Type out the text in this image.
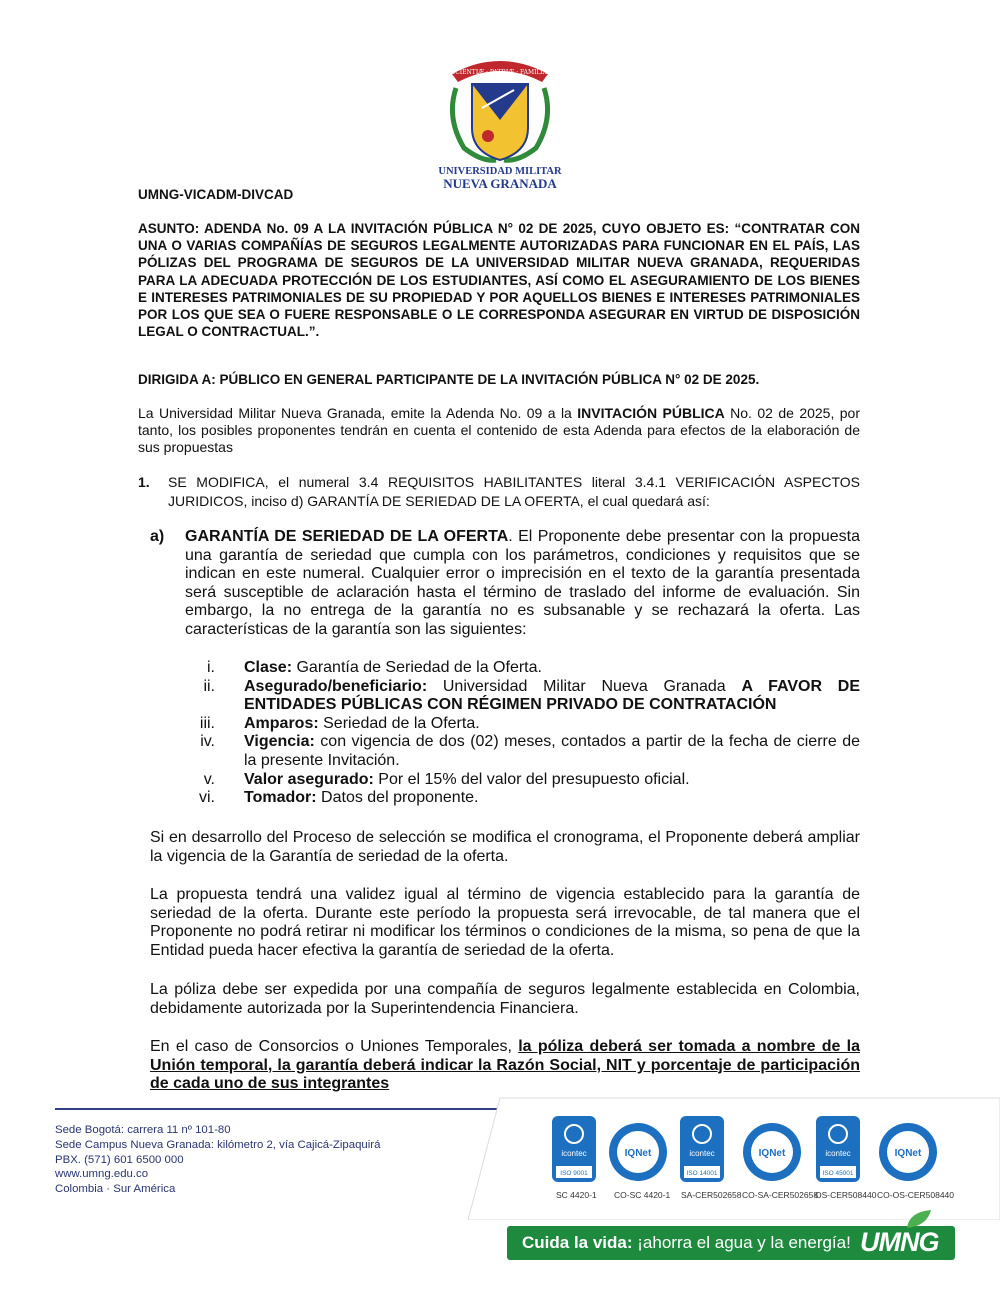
SCIENTIÆ · PATRIÆ · FAMILIÆ
UNIVERSIDAD MILITAR
NUEVA GRANADA
UMNG-VICADM-DIVCAD
ASUNTO: ADENDA No. 09 A LA INVITACIÓN PÚBLICA N° 02 DE 2025, CUYO OBJETO ES: “CONTRATAR CON UNA O VARIAS COMPAÑÍAS DE SEGUROS LEGALMENTE AUTORIZADAS PARA FUNCIONAR EN EL PAÍS, LAS PÓLIZAS DEL PROGRAMA DE SEGUROS DE LA UNIVERSIDAD MILITAR NUEVA GRANADA, REQUERIDAS PARA LA ADECUADA PROTECCIÓN DE LOS ESTUDIANTES, ASÍ COMO EL ASEGURAMIENTO DE LOS BIENES E INTERESES PATRIMONIALES DE SU PROPIEDAD Y POR AQUELLOS BIENES E INTERESES PATRIMONIALES POR LOS QUE SEA O FUERE RESPONSABLE O LE CORRESPONDA ASEGURAR EN VIRTUD DE DISPOSICIÓN LEGAL O CONTRACTUAL.”.
DIRIGIDA A: PÚBLICO EN GENERAL PARTICIPANTE DE LA INVITACIÓN PÚBLICA N° 02 DE 2025.
La Universidad Militar Nueva Granada, emite la Adenda No. 09 a la INVITACIÓN PÚBLICA No. 02 de 2025, por tanto, los posibles proponentes tendrán en cuenta el contenido de esta Adenda para efectos de la elaboración de sus propuestas
1. SE MODIFICA, el numeral 3.4 REQUISITOS HABILITANTES literal 3.4.1 VERIFICACIÓN ASPECTOS JURIDICOS, inciso d) GARANTÍA DE SERIEDAD DE LA OFERTA, el cual quedará así:
a) GARANTÍA DE SERIEDAD DE LA OFERTA. El Proponente debe presentar con la propuesta una garantía de seriedad que cumpla con los parámetros, condiciones y requisitos que se indican en este numeral. Cualquier error o imprecisión en el texto de la garantía presentada será susceptible de aclaración hasta el término de traslado del informe de evaluación. Sin embargo, la no entrega de la garantía no es subsanable y se rechazará la oferta. Las características de la garantía son las siguientes:
i. Clase: Garantía de Seriedad de la Oferta.
ii. Asegurado/beneficiario: Universidad Militar Nueva Granada A FAVOR DE ENTIDADES PÚBLICAS CON RÉGIMEN PRIVADO DE CONTRATACIÓN
iii. Amparos: Seriedad de la Oferta.
iv. Vigencia: con vigencia de dos (02) meses, contados a partir de la fecha de cierre de la presente Invitación.
v. Valor asegurado: Por el 15% del valor del presupuesto oficial.
vi. Tomador: Datos del proponente.
Si en desarrollo del Proceso de selección se modifica el cronograma, el Proponente deberá ampliar la vigencia de la Garantía de seriedad de la oferta.
La propuesta tendrá una validez igual al término de vigencia establecido para la garantía de seriedad de la oferta. Durante este período la propuesta será irrevocable, de tal manera que el Proponente no podrá retirar ni modificar los términos o condiciones de la misma, so pena de que la Entidad pueda hacer efectiva la garantía de seriedad de la oferta.
La póliza debe ser expedida por una compañía de seguros legalmente establecida en Colombia, debidamente autorizada por la Superintendencia Financiera.
En el caso de Consorcios o Uniones Temporales, la póliza deberá ser tomada a nombre de la Unión temporal, la garantía deberá indicar la Razón Social, NIT y porcentaje de participación de cada uno de sus integrantes
Sede Bogotá: carrera 11 nº 101-80
Sede Campus Nueva Granada: kilómetro 2, vía Cajicá-Zipaquirá
PBX. (571) 601 6500 000
www.umng.edu.co
Colombia · Sur América
icontec
ISO 9001
IQNet	icontec
ISO 14001
IQNet	icontec
ISO 45001
IQNet
SC 4420-1 CO-SC 4420-1 SA-CER502658 CO-SA-CER502658
OS-CER508440 CO-OS-CER508440
Cuida la vida: ¡ahorra el agua y la energía! UMNG
